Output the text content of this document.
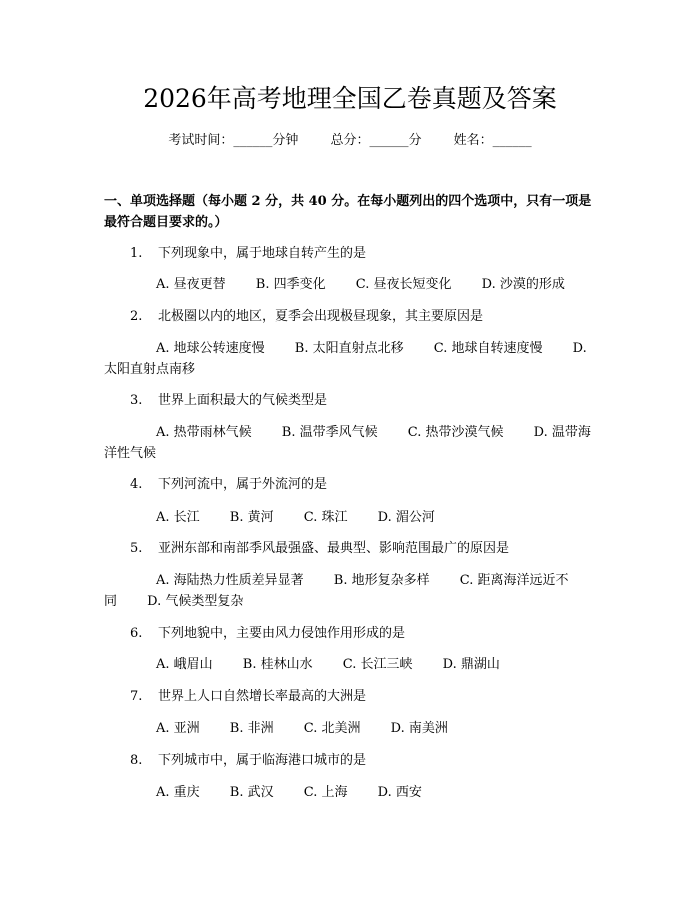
2026年高考地理全国乙卷真题及答案
考试时间：______分钟 总分：______分 姓名：______
一、单项选择题（每小题 2 分，共 40 分。在每小题列出的四个选项中，只有一项是最符合题目要求的。）
1. 下列现象中，属于地球自转产生的是
A. 昼夜更替 B. 四季变化 C. 昼夜长短变化 D. 沙漠的形成
2. 北极圈以内的地区，夏季会出现极昼现象，其主要原因是
A. 地球公转速度慢 B. 太阳直射点北移 C. 地球自转速度慢 D. 太阳直射点南移
3. 世界上面积最大的气候类型是
A. 热带雨林气候 B. 温带季风气候 C. 热带沙漠气候 D. 温带海洋性气候
4. 下列河流中，属于外流河的是
A. 长江 B. 黄河 C. 珠江 D. 湄公河
5. 亚洲东部和南部季风最强盛、最典型、影响范围最广的原因是
A. 海陆热力性质差异显著 B. 地形复杂多样 C. 距离海洋远近不同 D. 气候类型复杂
6. 下列地貌中，主要由风力侵蚀作用形成的是
A. 峨眉山 B. 桂林山水 C. 长江三峡 D. 鼎湖山
7. 世界上人口自然增长率最高的大洲是
A. 亚洲 B. 非洲 C. 北美洲 D. 南美洲
8. 下列城市中，属于临海港口城市的是
A. 重庆 B. 武汉 C. 上海 D. 西安
